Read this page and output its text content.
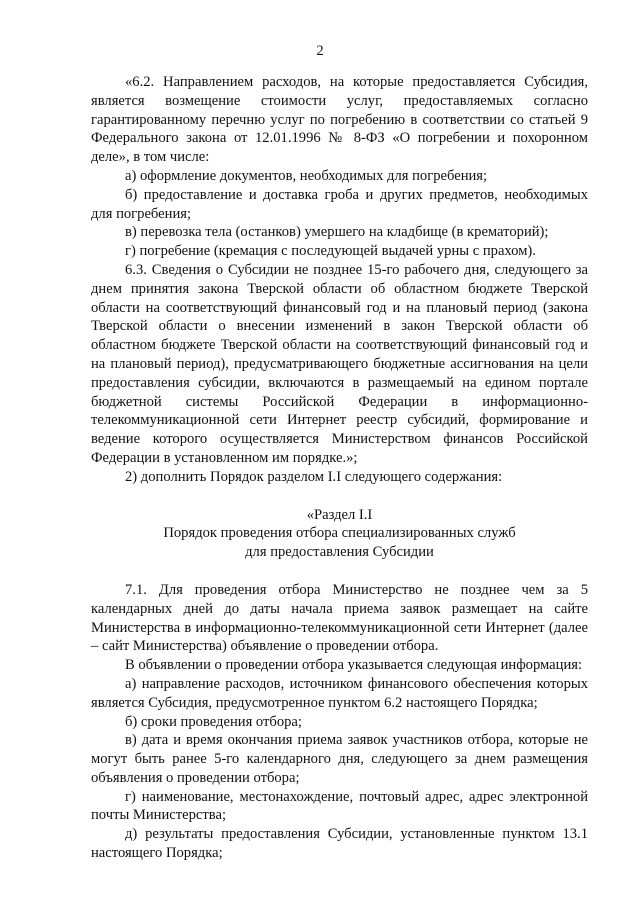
2

«6.2. Направлением расходов, на которые предоставляется Субсидия, является возмещение стоимости услуг, предоставляемых согласно гарантированному перечню услуг по погребению в соответствии со статьей 9 Федерального закона от 12.01.1996 № 8-ФЗ «О погребении и похоронном деле», в том числе:

а) оформление документов, необходимых для погребения;

б) предоставление и доставка гроба и других предметов, необходимых для погребения;

в) перевозка тела (останков) умершего на кладбище (в крематорий);

г) погребение (кремация с последующей выдачей урны с прахом).

6.3. Сведения о Субсидии не позднее 15-го рабочего дня, следующего за днем принятия закона Тверской области об областном бюджете Тверской области на соответствующий финансовый год и на плановый период (закона Тверской области о внесении изменений в закон Тверской области об областном бюджете Тверской области на соответствующий финансовый год и на плановый период), предусматривающего бюджетные ассигнования на цели предоставления субсидии, включаются в размещаемый на едином портале бюджетной системы Российской Федерации в информационно-телекоммуникационной сети Интернет реестр субсидий, формирование и ведение которого осуществляется Министерством финансов Российской Федерации в установленном им порядке.»;

2) дополнить Порядок разделом I.I следующего содержания:

«Раздел I.I

Порядок проведения отбора специализированных служб

для предоставления Субсидии

7.1. Для проведения отбора Министерство не позднее чем за 5 календарных дней до даты начала приема заявок размещает на сайте Министерства в информационно-телекоммуникационной сети Интернет (далее – сайт Министерства) объявление о проведении отбора.

В объявлении о проведении отбора указывается следующая информация:

а) направление расходов, источником финансового обеспечения которых является Субсидия, предусмотренное пунктом 6.2 настоящего Порядка;

б) сроки проведения отбора;

в) дата и время окончания приема заявок участников отбора, которые не могут быть ранее 5-го календарного дня, следующего за днем размещения объявления о проведении отбора;

г) наименование, местонахождение, почтовый адрес, адрес электронной почты Министерства;

д) результаты предоставления Субсидии, установленные пунктом 13.1 настоящего Порядка;
